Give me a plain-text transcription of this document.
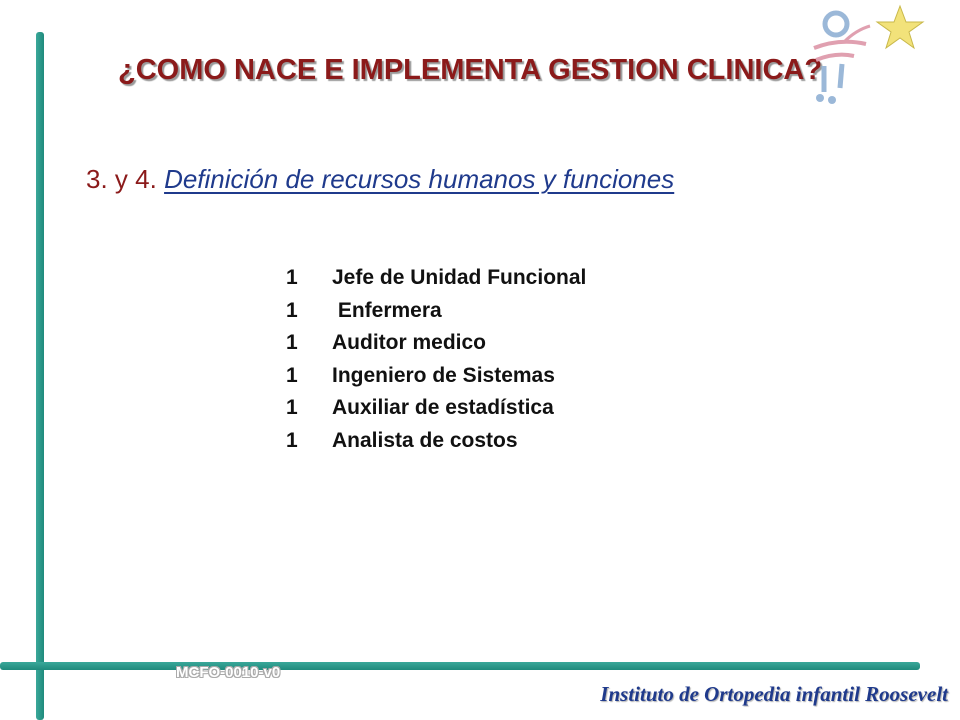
¿COMO NACE E IMPLEMENTA GESTION CLINICA?
3. y 4. Definición de recursos humanos y funciones
1 Jefe de Unidad Funcional
1 Enfermera
1 Auditor medico
1 Ingeniero de Sistemas
1 Auxiliar de estadística
1 Analista de costos
MCFO-0010-v0
Instituto de Ortopedia infantil Roosevelt
